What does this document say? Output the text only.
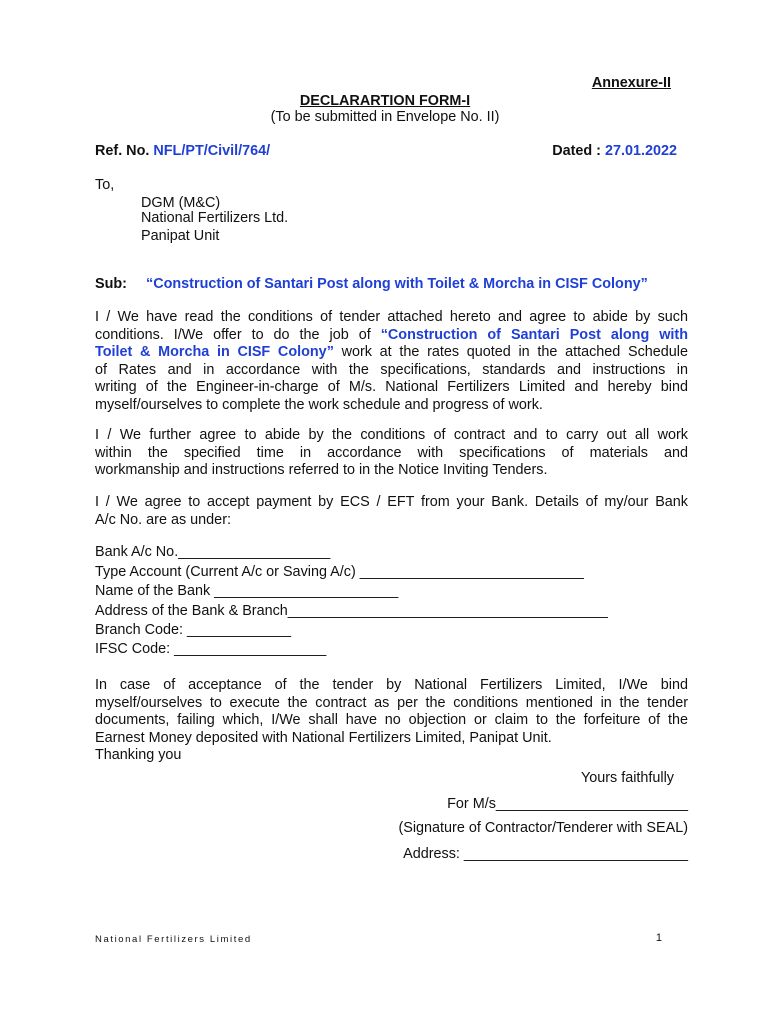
Annexure-II
DECLARARTION FORM-I
(To be submitted in Envelope No. II)
Ref. No. NFL/PT/Civil/764/	Dated : 27.01.2022
To,
DGM (M&C)
National Fertilizers Ltd.
Panipat Unit
Sub: “Construction of Santari Post along with Toilet & Morcha in CISF Colony”
I / We have read the conditions of tender attached hereto and agree to abide by such
conditions. I/We offer to do the job of “Construction of Santari Post along with
Toilet & Morcha in CISF Colony” work at the rates quoted in the attached Schedule
of Rates and in accordance with the specifications, standards and instructions in
writing of the Engineer-in-charge of M/s. National Fertilizers Limited and hereby bind
myself/ourselves to complete the work schedule and progress of work.
I / We further agree to abide by the conditions of contract and to carry out all work
within the specified time in accordance with specifications of materials and
workmanship and instructions referred to in the Notice Inviting Tenders.
I / We agree to accept payment by ECS / EFT from your Bank. Details of my/our Bank
A/c No. are as under:
Bank A/c No.___________________
Type Account (Current A/c or Saving A/c) ____________________________
Name of the Bank _______________________
Address of the Bank & Branch________________________________________
Branch Code: _____________
IFSC Code: ___________________
In case of acceptance of the tender by National Fertilizers Limited, I/We bind
myself/ourselves to execute the contract as per the conditions mentioned in the tender
documents, failing which, I/We shall have no objection or claim to the forfeiture of the
Earnest Money deposited with National Fertilizers Limited, Panipat Unit.
Thanking you
Yours faithfully
For M/s________________________
(Signature of Contractor/Tenderer with SEAL)
Address: ____________________________
National Fertilizers Limited	1
